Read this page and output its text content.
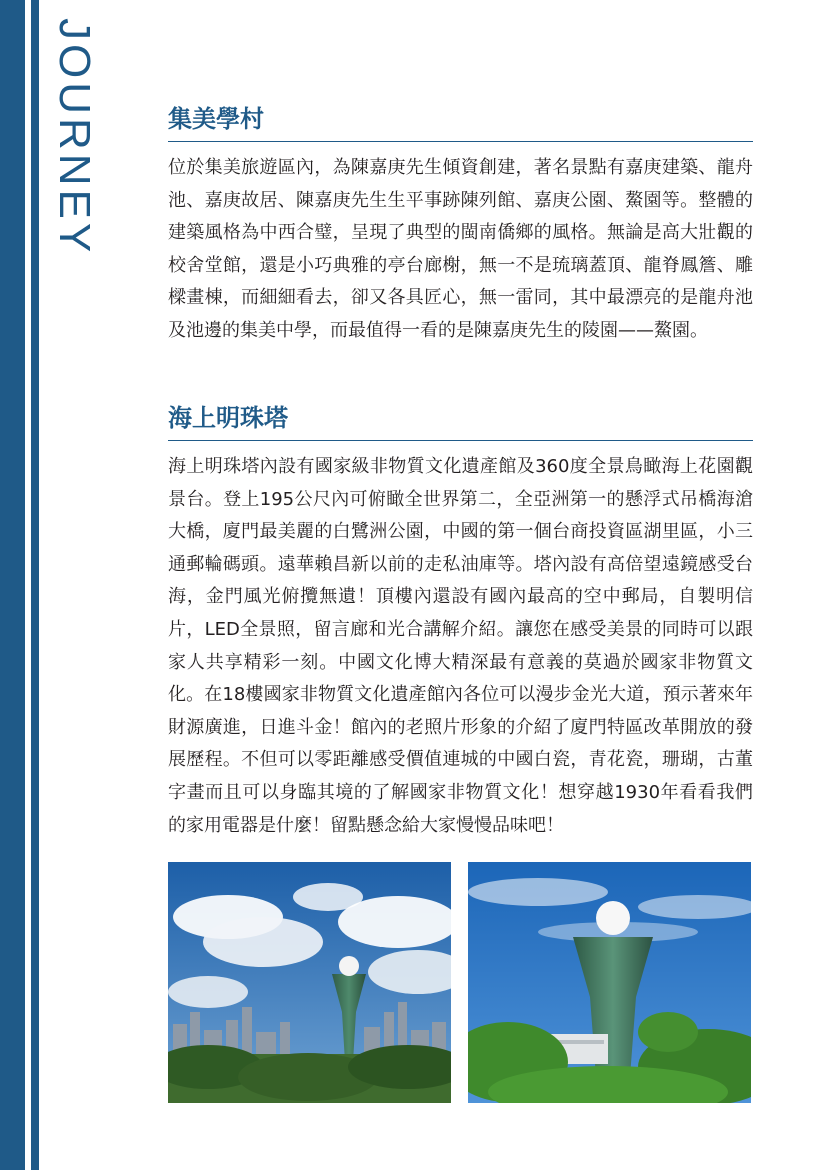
JOURNEY	集美學村

位於集美旅遊區內，為陳嘉庚先生傾資創建，著名景點有嘉庚建築、龍舟池、嘉庚故居、陳嘉庚先生生平事跡陳列館、嘉庚公園、鰲園等。整體的建築風格為中西合璧，呈現了典型的閩南僑鄉的風格。無論是高大壯觀的校舍堂館，還是小巧典雅的亭台廊榭，無一不是琉璃蓋頂、龍脊鳳簷、雕樑畫棟，而細細看去，卻又各具匠心，無一雷同，其中最漂亮的是龍舟池及池邊的集美中學，而最值得一看的是陳嘉庚先生的陵園——鰲園。

海上明珠塔

海上明珠塔內設有國家級非物質文化遺產館及360度全景鳥瞰海上花園觀景台。登上195公尺內可俯瞰全世界第二，全亞洲第一的懸浮式吊橋海滄大橋，廈門最美麗的白鷺洲公園，中國的第一個台商投資區湖里區，小三通郵輪碼頭。遠華賴昌新以前的走私油庫等。塔內設有高倍望遠鏡感受台海，金門風光俯攬無遺！頂樓內還設有國內最高的空中郵局，自製明信片，LED全景照，留言廊和光合講解介紹。讓您在感受美景的同時可以跟家人共享精彩一刻。中國文化博大精深最有意義的莫過於國家非物質文化。在18樓國家非物質文化遺產館內各位可以漫步金光大道，預示著來年財源廣進，日進斗金！館內的老照片形象的介紹了廈門特區改革開放的發展歷程。不但可以零距離感受價值連城的中國白瓷，青花瓷，珊瑚，古董字畫而且可以身臨其境的了解國家非物質文化！想穿越1930年看看我們的家用電器是什麼！留點懸念給大家慢慢品味吧！
